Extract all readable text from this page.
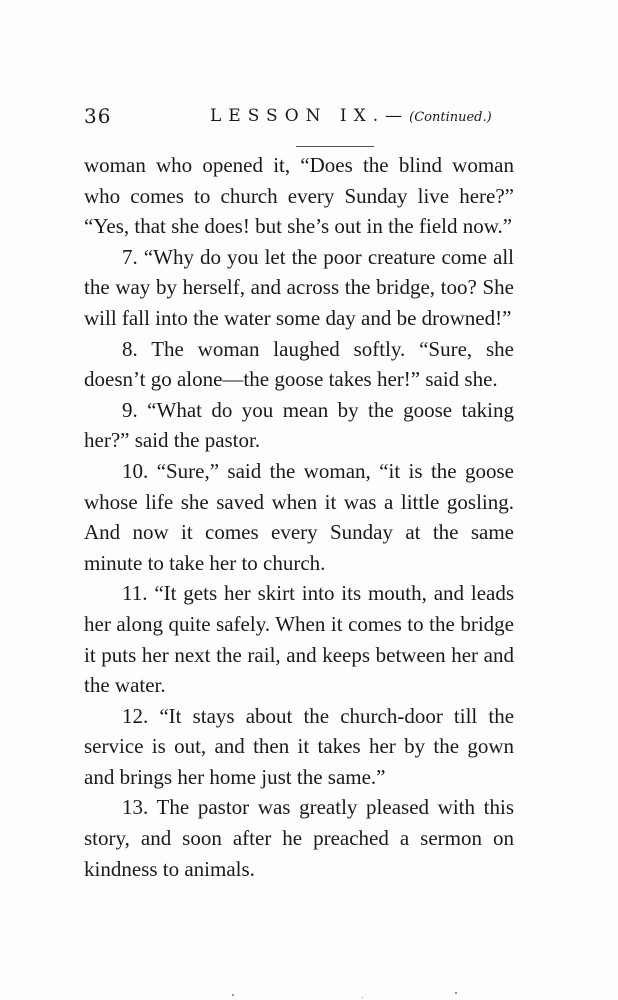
36	LESSON IX.—(Continued.)

woman who opened it, “Does the blind woman who comes to church every Sunday live here?” “Yes, that she does! but she’s out in the field now.”

7. “Why do you let the poor creature come all the way by herself, and across the bridge, too? She will fall into the water some day and be drowned!”

8. The woman laughed softly. “Sure, she doesn’t go alone—the goose takes her!” said she.

9. “What do you mean by the goose taking her?” said the pastor.

10. “Sure,” said the woman, “it is the goose whose life she saved when it was a little gosling. And now it comes every Sunday at the same minute to take her to church.

11. “It gets her skirt into its mouth, and leads her along quite safely. When it comes to the bridge it puts her next the rail, and keeps between her and the water.

12. “It stays about the church-door till the service is out, and then it takes her by the gown and brings her home just the same.”

13. The pastor was greatly pleased with this story, and soon after he preached a sermon on kindness to animals.
